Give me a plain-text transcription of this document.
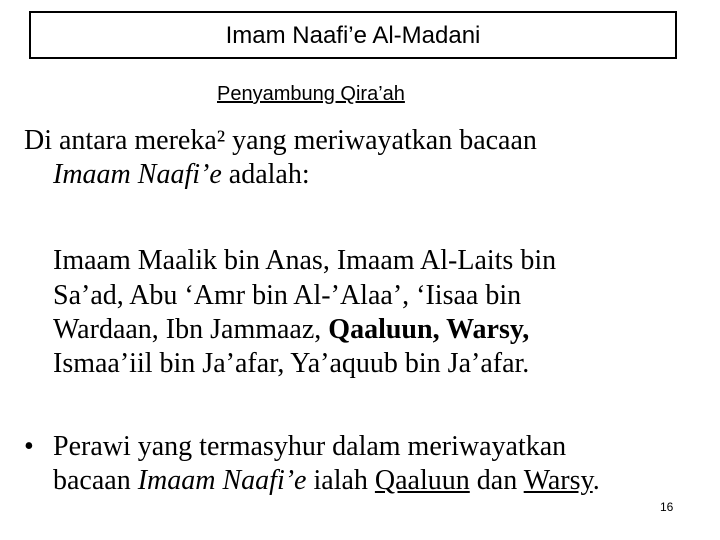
Imam Naafi’e Al-Madani
Penyambung Qira’ah
Di antara mereka² yang meriwayatkan bacaan
Imaam Naafi’e adalah:
Imaam Maalik bin Anas, Imaam Al-Laits bin
Sa’ad, Abu ‘Amr bin Al-’Alaa’, ‘Iisaa bin
Wardaan, Ibn Jammaaz, Qaaluun, Warsy,
Ismaa’iil bin Ja’afar, Ya’aquub bin Ja’afar.
• Perawi yang termasyhur dalam meriwayatkan
bacaan Imaam Naafi’e ialah Qaaluun dan Warsy.
16
